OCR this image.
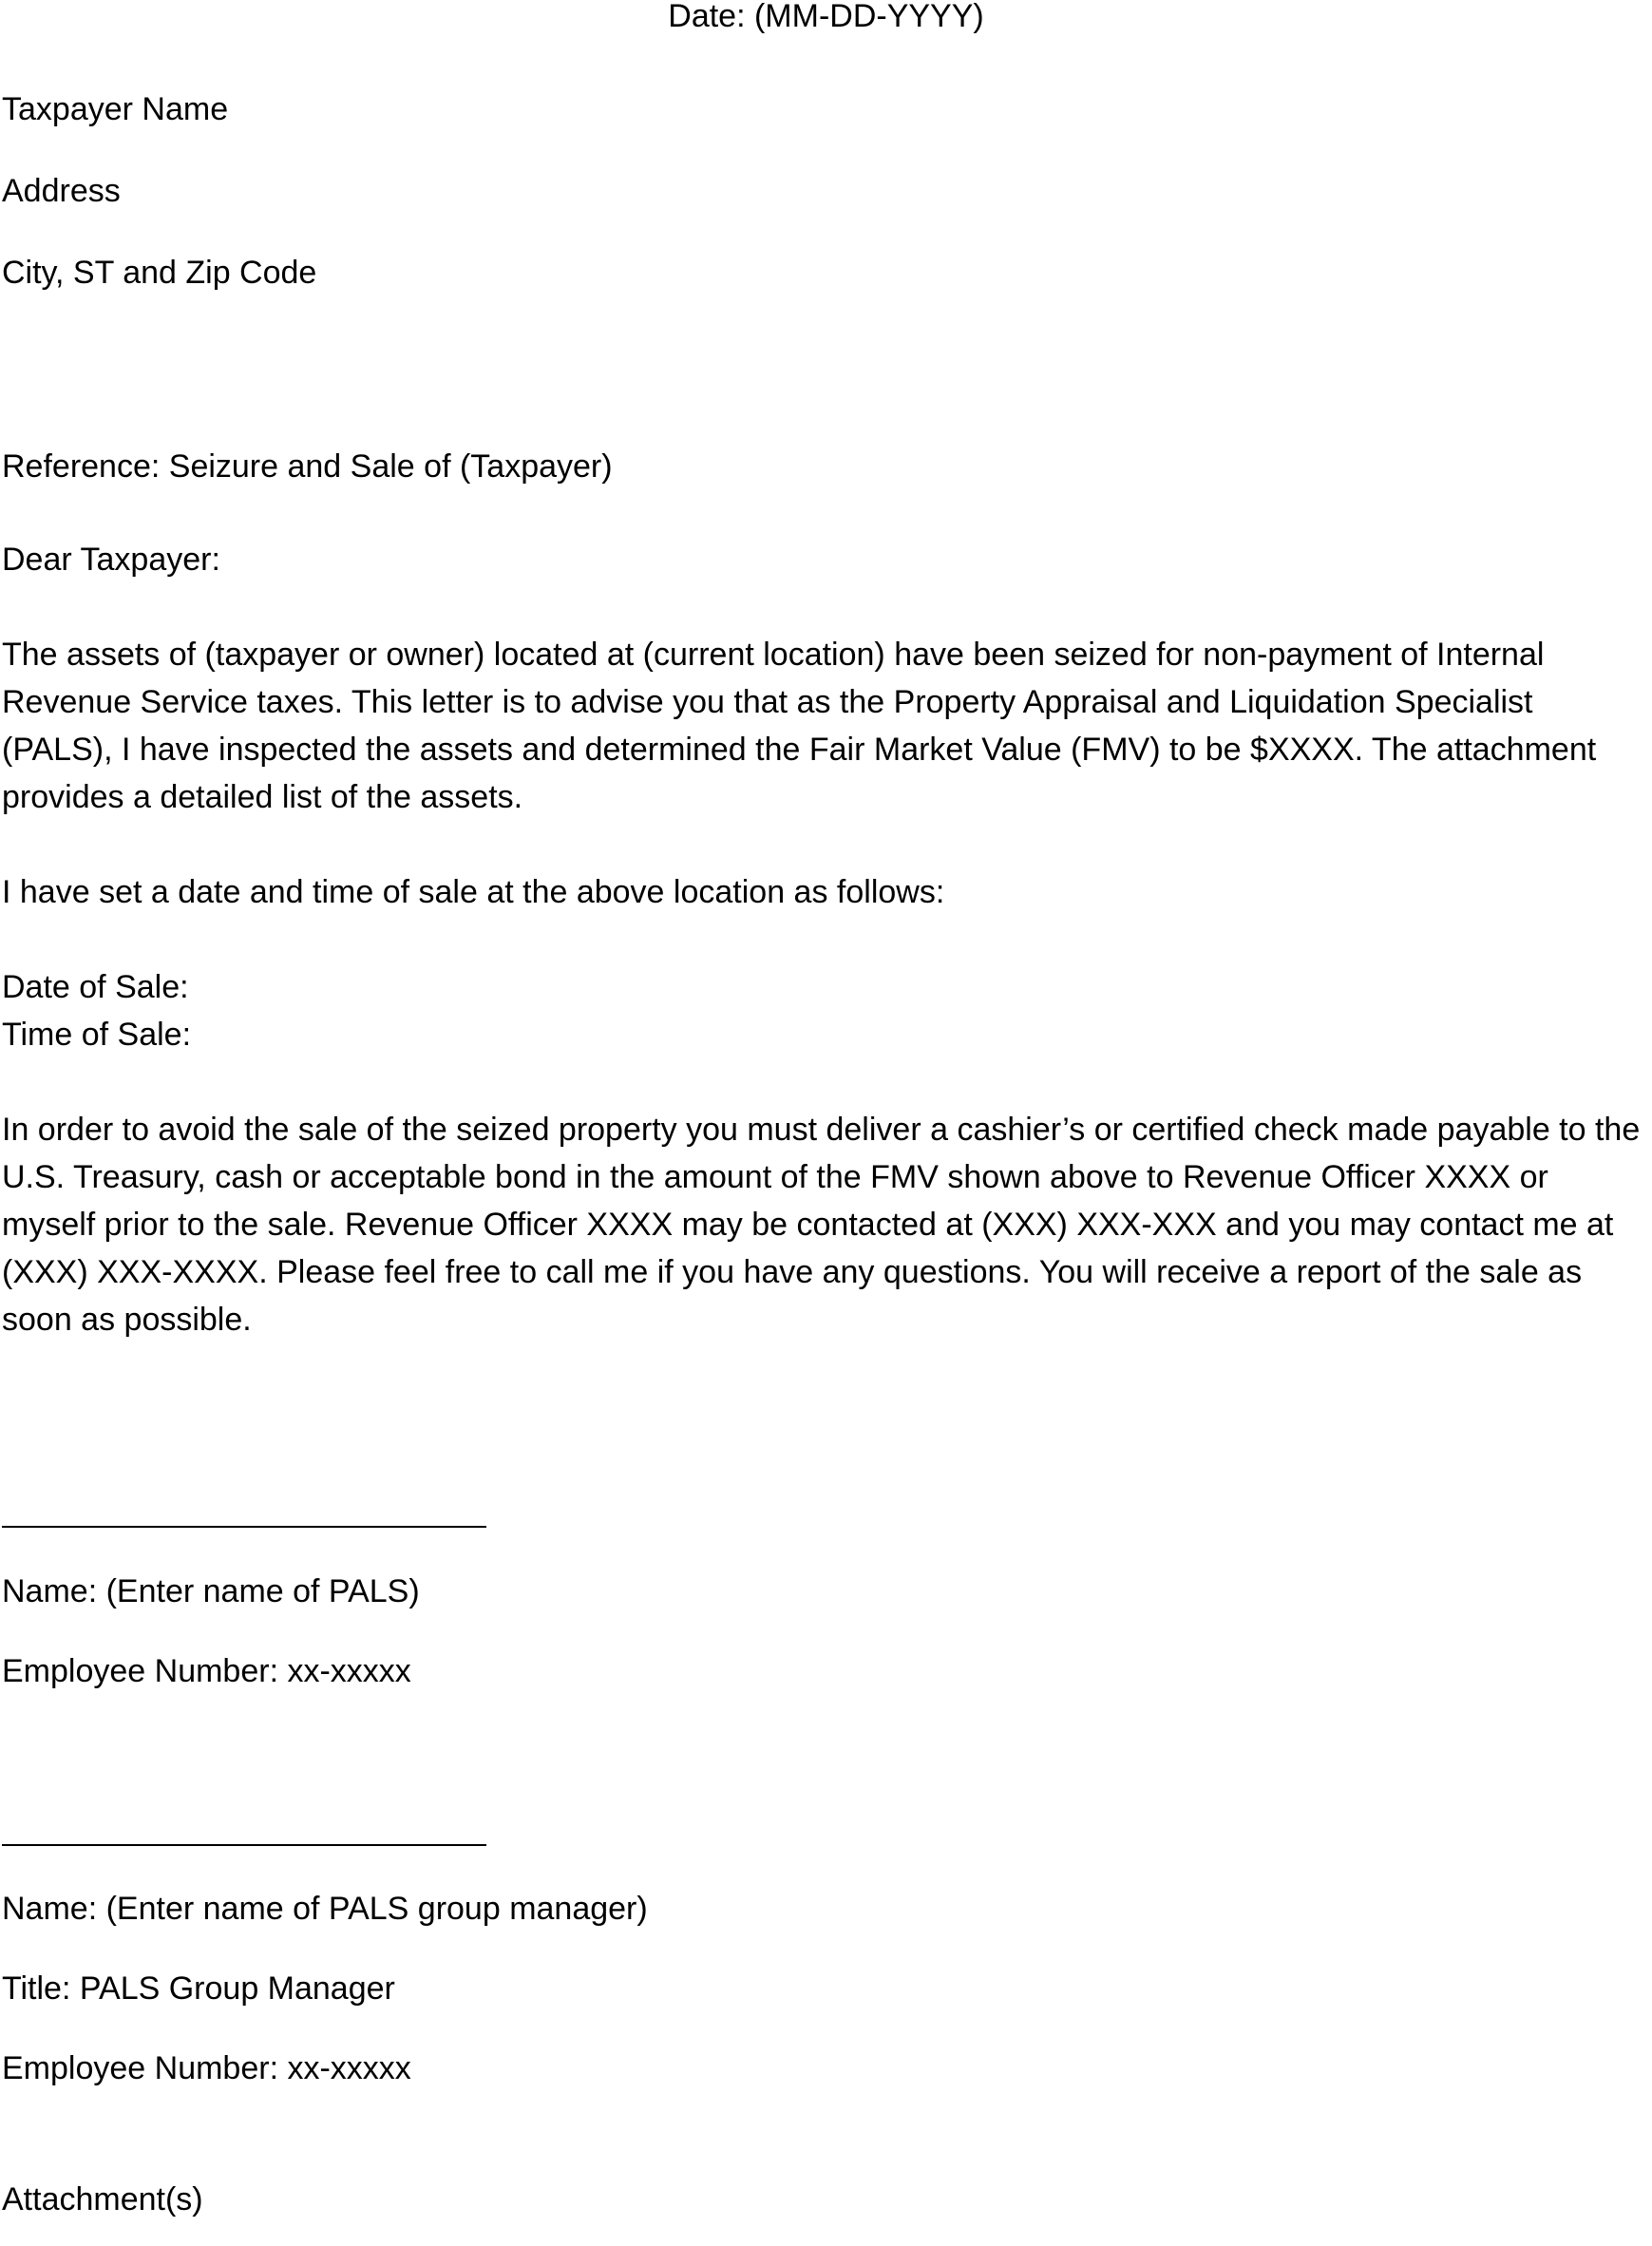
Date: (MM-DD-YYYY)

Taxpayer Name

Address

City, ST and Zip Code

Reference: Seizure and Sale of (Taxpayer)

Dear Taxpayer:

The assets of (taxpayer or owner) located at (current location) have been seized for non-payment of Internal Revenue Service taxes. This letter is to advise you that as the Property Appraisal and Liquidation Specialist (PALS), I have inspected the assets and determined the Fair Market Value (FMV) to be $XXXX. The attachment provides a detailed list of the assets.

I have set a date and time of sale at the above location as follows:

Date of Sale:

Time of Sale:

In order to avoid the sale of the seized property you must deliver a cashier’s or certified check made payable to the U.S. Treasury, cash or acceptable bond in the amount of the FMV shown above to Revenue Officer XXXX or myself prior to the sale. Revenue Officer XXXX may be contacted at (XXX) XXX-XXX and you may contact me at (XXX) XXX-XXXX. Please feel free to call me if you have any questions. You will receive a report of the sale as soon as possible.

Name: (Enter name of PALS)

Employee Number: xx-xxxxx

Name: (Enter name of PALS group manager)

Title: PALS Group Manager

Employee Number: xx-xxxxx

Attachment(s)
